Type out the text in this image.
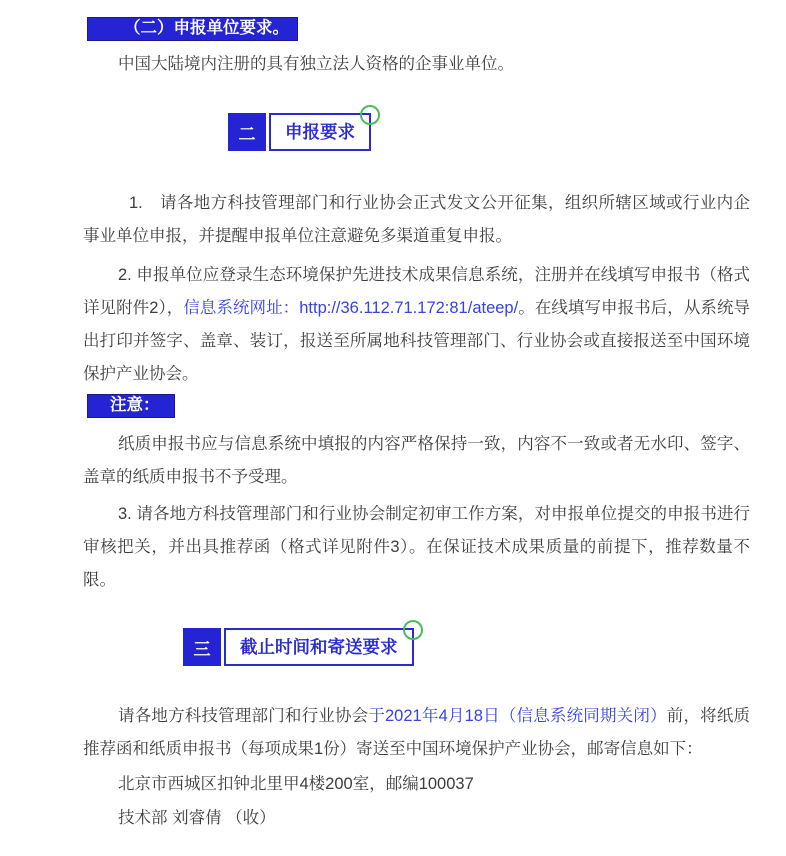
（二）申报单位要求。

中国大陆境内注册的具有独立法人资格的企事业单位。

二	申报要求

1.　请各地方科技管理部门和行业协会正式发文公开征集，组织所辖区域或行业内企事业单位申报，并提醒申报单位注意避免多渠道重复申报。

2. 申报单位应登录生态环境保护先进技术成果信息系统，注册并在线填写申报书（格式详见附件2），信息系统网址：http://36.112.71.172:81/ateep/。在线填写申报书后，从系统导出打印并签字、盖章、装订，报送至所属地科技管理部门、行业协会或直接报送至中国环境保护产业协会。

注意：

纸质申报书应与信息系统中填报的内容严格保持一致，内容不一致或者无水印、签字、盖章的纸质申报书不予受理。

3. 请各地方科技管理部门和行业协会制定初审工作方案，对申报单位提交的申报书进行审核把关，并出具推荐函（格式详见附件3）。在保证技术成果质量的前提下，推荐数量不限。

三	截止时间和寄送要求

请各地方科技管理部门和行业协会于2021年4月18日（信息系统同期关闭）前，将纸质推荐函和纸质申报书（每项成果1份）寄送至中国环境保护产业协会，邮寄信息如下：

北京市西城区扣钟北里甲4楼200室，邮编100037

技术部 刘睿倩 （收）
